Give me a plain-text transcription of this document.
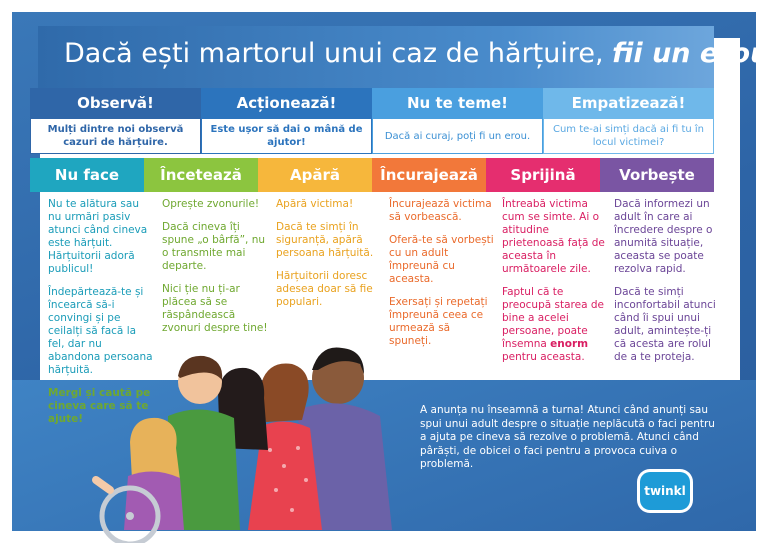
Dacă ești martorul unui caz de hărțuire, fii un erou!
Observă!	Acționează!	Nu te teme!	Empatizează!
Mulți dintre noi observă cazuri de hărțuire.
Este ușor să dai o mână de ajutor!
Dacă ai curaj, poți fi un erou.
Cum te-ai simți dacă ai fi tu în locul victimei?
Nu face	Încetează	Apără	Încurajează	Sprijină	Vorbește

Nu te alătura sau nu urmări pasiv atunci când cineva este hărțuit. Hărțuitorii adoră publicul!

Îndepărtează-te și încearcă să-i convingi și pe ceilalți să facă la fel, dar nu abandona persoana hărțuită.

Mergi și caută pe cineva care să te ajute!

Oprește zvonurile!

Dacă cineva îți spune „o bârfă”, nu o transmite mai departe.

Nici ție nu ți-ar plăcea să se răspândească zvonuri despre tine!

Apără victima!

Dacă te simți în siguranță, apără persoana hărțuită.

Hărțuitorii doresc adesea doar să fie populari.

Încurajează victima să vorbească.

Oferă-te să vorbești cu un adult împreună cu aceasta.

Exersați și repetați împreună ceea ce urmează să spuneți.

Întreabă victima cum se simte. Ai o atitudine prietenoasă față de aceasta în următoarele zile.

Faptul că te preocupă starea de bine a acelei persoane, poate însemna enorm pentru aceasta.

Dacă informezi un adult în care ai încredere despre o anumită situație, aceasta se poate rezolva rapid.

Dacă te simți inconfortabil atunci când îi spui unui adult, amintește-ți că acesta are rolul de a te proteja.

A anunța nu înseamnă a turna! Atunci când anunți sau spui unui adult despre o situație neplăcută o faci pentru a ajuta pe cineva să rezolve o problemă. Atunci când pârăști, de obicei o faci pentru a provoca cuiva o problemă.
twinkl
